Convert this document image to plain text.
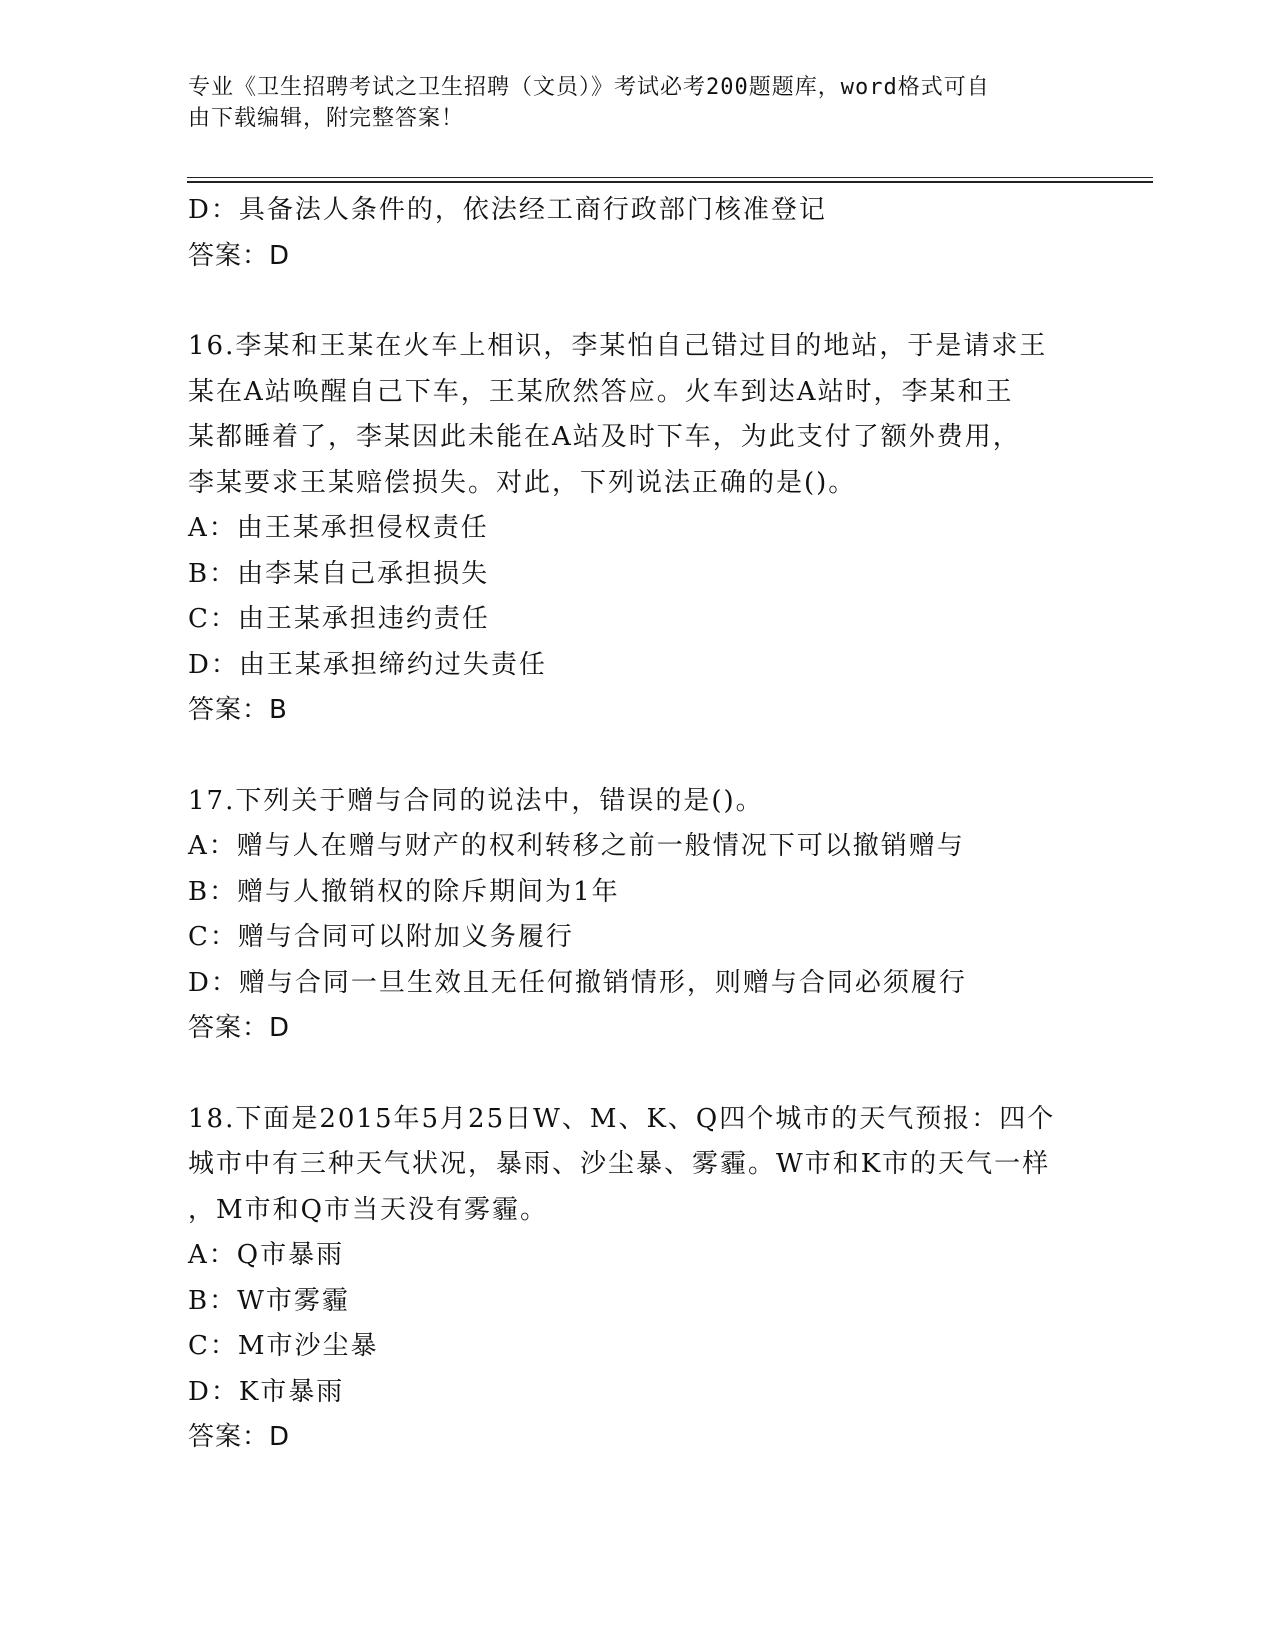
专业《卫生招聘考试之卫生招聘（文员）》考试必考200题题库，word格式可自
由下载编辑，附完整答案！
D：具备法人条件的，依法经工商行政部门核准登记
答案：D
16.李某和王某在火车上相识，李某怕自己错过目的地站，于是请求王
某在A站唤醒自己下车，王某欣然答应。火车到达A站时，李某和王
某都睡着了，李某因此未能在A站及时下车，为此支付了额外费用，
李某要求王某赔偿损失。对此，下列说法正确的是()。
A：由王某承担侵权责任
B：由李某自己承担损失
C：由王某承担违约责任
D：由王某承担缔约过失责任
答案：B
17.下列关于赠与合同的说法中，错误的是()。
A：赠与人在赠与财产的权利转移之前一般情况下可以撤销赠与
B：赠与人撤销权的除斥期间为1年
C：赠与合同可以附加义务履行
D：赠与合同一旦生效且无任何撤销情形，则赠与合同必须履行
答案：D
18.下面是2015年5月25日W、M、K、Q四个城市的天气预报：四个
城市中有三种天气状况，暴雨、沙尘暴、雾霾。W市和K市的天气一样
，M市和Q市当天没有雾霾。
A：Q市暴雨
B：W市雾霾
C：M市沙尘暴
D：K市暴雨
答案：D
